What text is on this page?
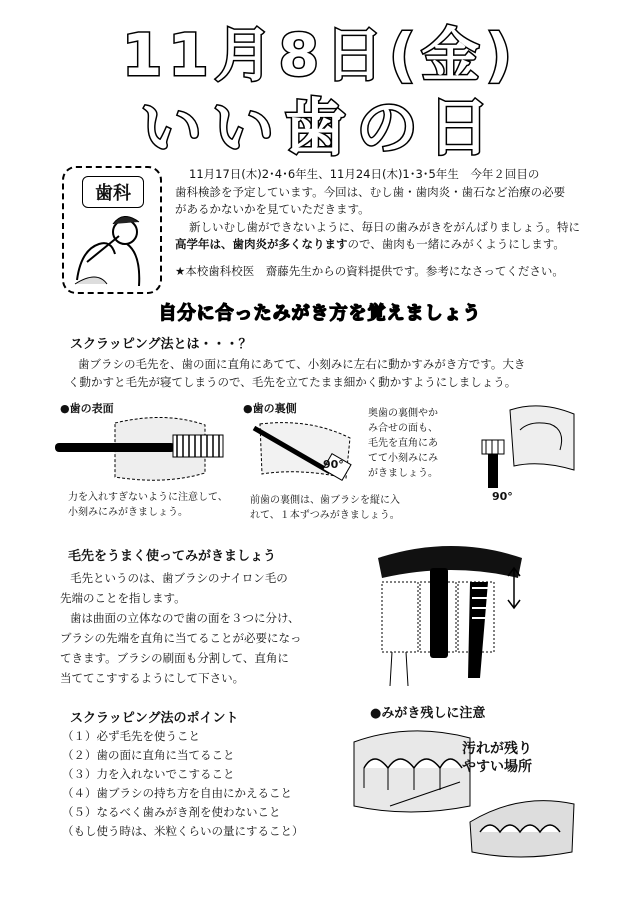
11月8日(金)
いい歯の日
歯科
11月17日(木)2･4･6年生、11月24日(木)1･3･5年生　今年２回目の
歯科検診を予定しています。今回は、むし歯・歯肉炎・歯石など治療の必要
があるかないかを見ていただきます。
新しいむし歯ができないように、毎日の歯みがきをがんばりましょう。特に
高学年は、歯肉炎が多くなりますので、歯肉も一緒にみがくようにします。
★本校歯科校医　齋藤先生からの資料提供です。参考になさってください。
自分に合ったみがき方を覚えましょう
スクラッピング法とは・・・？
歯ブラシの毛先を、歯の面に直角にあてて、小刻みに左右に動かすみがき方です。大き
く動かすと毛先が寝てしまうので、毛先を立てたまま細かく動かすようにしましょう。
●歯の表面	●歯の裏側
90°
奥歯の裏側やか
み合せの面も、
毛先を直角にあ
てて小刻みにみ
がきましょう。
90°
力を入れすぎないように注意して、
小刻みにみがきましょう。
前歯の裏側は、歯ブラシを縦に入
れて、１本ずつみがきましょう。
毛先をうまく使ってみがきましょう
毛先というのは、歯ブラシのナイロン毛の
先端のことを指します。
歯は曲面の立体なので歯の面を３つに分け、
ブラシの先端を直角に当てることが必要になっ
てきます。ブラシの刷面も分割して、直角に
当ててこすするようにして下さい。
スクラッピング法のポイント
（１）必ず毛先を使うこと
（２）歯の面に直角に当てること
（３）力を入れないでこすること
（４）歯ブラシの持ち方を自由にかえること
（５）なるべく歯みがき剤を使わないこと
（もし使う時は、米粒くらいの量にすること）
●みがき残しに注意
汚れが残り
やすい場所
